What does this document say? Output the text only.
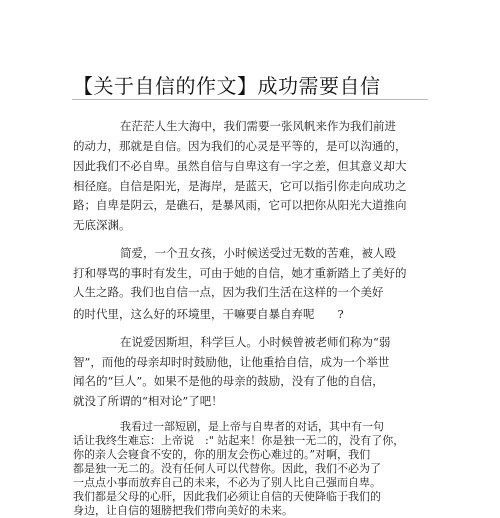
【关于自信的作文】成功需要自信
在茫茫人生大海中，我们需要一张风帆来作为我们前进
的动力，那就是自信。因为我们的心灵是平等的，是可以沟通的，
因此我们不必自卑。虽然自信与自卑这有一字之差，但其意义却大
相径庭。自信是阳光，是海岸，是蓝天，它可以指引你走向成功之
路；自卑是阴云，是礁石，是暴风雨，它可以把你从阳光大道推向
无底深渊。
简爱，一个丑女孩，小时候送受过无数的苦难，被人殴
打和辱骂的事时有发生，可由于她的自信，她才重新踏上了美好的
人生之路。我们也自信一点，因为我们生活在这样的一个美好
的时代里，这么好的环境里，干嘛要自暴自弃呢　　?
在说爱因斯坦，科学巨人。小时候曾被老师们称为“弱
智”，而他的母亲却时时鼓励他，让他重拾自信，成为一个举世
闻名的“巨人”。如果不是他的母亲的鼓励，没有了他的自信，
就没了所谓的“相对论”了吧！
我看过一部短剧，是上帝与自卑者的对话，其中有一句
话让我终生难忘：上帝说　:" 站起来！你是独一无二的，没有了你，
你的亲人会寝食不安的，你的朋友会伤心难过的。”对啊，我们
都是独一无二的。没有任何人可以代替你。因此，我们不必为了
一点点小事而放弃自己的未来，不必为了别人比自己强而自卑。
我们都是父母的心肝，因此我们必须让自信的天使降临于我们的
身边，让自信的翅膀把我们带向美好的未来。
